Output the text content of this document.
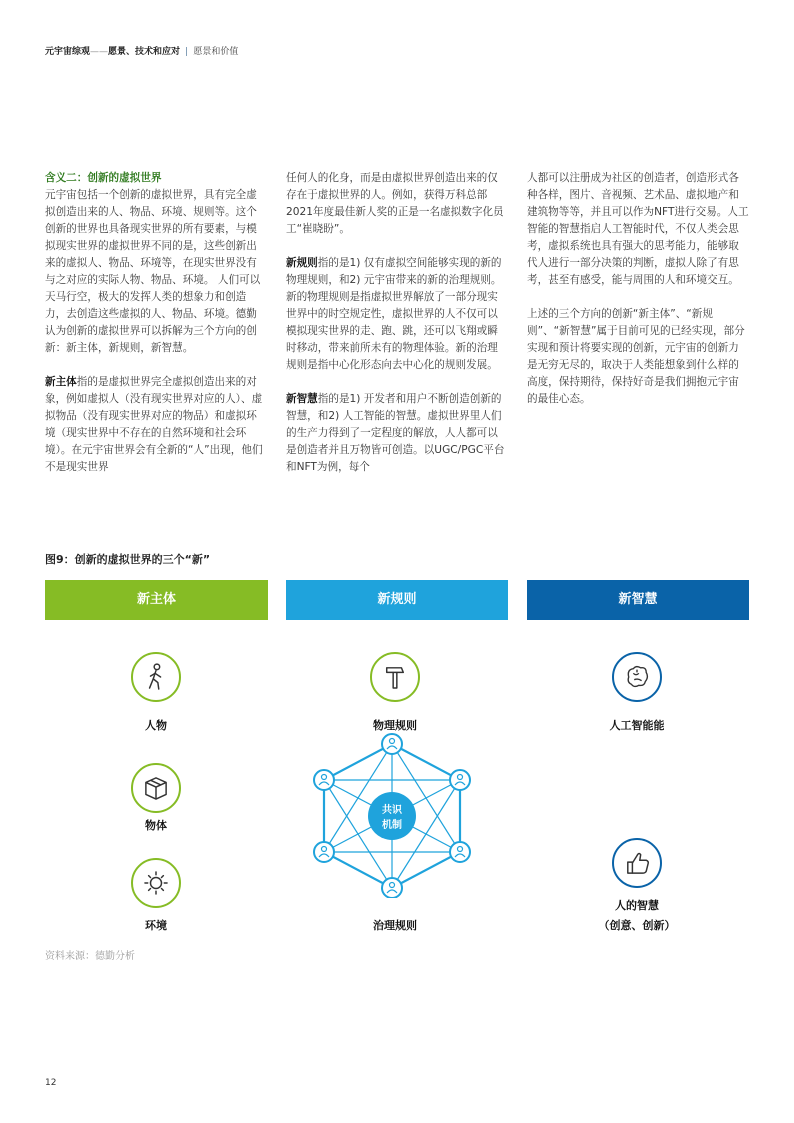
元宇宙综观——愿景、技术和应对 | 愿景和价值

含义二：创新的虚拟世界
元宇宙包括一个创新的虚拟世界，具有完全虚拟创造出来的人、物品、环境、规则等。这个创新的世界也具备现实世界的所有要素，与模拟现实世界的虚拟世界不同的是，这些创新出来的虚拟人、物品、环境等，在现实世界没有与之对应的实际人物、物品、环境。 人们可以天马行空，极大的发挥人类的想象力和创造力，去创造这些虚拟的人、物品、环境。德勤认为创新的虚拟世界可以拆解为三个方向的创新：新主体，新规则，新智慧。

新主体指的是虚拟世界完全虚拟创造出来的对象，例如虚拟人（没有现实世界对应的人）、虚拟物品（没有现实世界对应的物品）和虚拟环境（现实世界中不存在的自然环境和社会环境）。在元宇宙世界会有全新的“人”出现，他们不是现实世界

任何人的化身，而是由虚拟世界创造出来的仅存在于虚拟世界的人。例如，获得万科总部2021年度最佳新人奖的正是一名虚拟数字化员工“崔晓盼”。

新规则指的是1) 仅有虚拟空间能够实现的新的物理规则，和2) 元宇宙带来的新的治理规则。新的物理规则是指虚拟世界解放了一部分现实世界中的时空规定性，虚拟世界的人不仅可以模拟现实世界的走、跑、跳，还可以飞翔或瞬时移动，带来前所未有的物理体验。新的治理规则是指中心化形态向去中心化的规则发展。

新智慧指的是1) 开发者和用户不断创造创新的智慧，和2) 人工智能的智慧。虚拟世界里人们的生产力得到了一定程度的解放，人人都可以是创造者并且万物皆可创造。以UGC/PGC平台和NFT为例，每个

人都可以注册成为社区的创造者，创造形式各种各样，图片、音视频、艺术品、虚拟地产和建筑物等等，并且可以作为NFT进行交易。人工智能的智慧指启人工智能时代，不仅人类会思考，虚拟系统也具有强大的思考能力，能够取代人进行一部分决策的判断，虚拟人除了有思考，甚至有感受，能与周围的人和环境交互。

上述的三个方向的创新“新主体”、“新规则”、“新智慧”属于目前可见的已经实现，部分实现和预计将要实现的创新，元宇宙的创新力是无穷无尽的，取决于人类能想象到什么样的高度，保持期待，保持好奇是我们拥抱元宇宙的最佳心态。

图9：创新的虚拟世界的三个“新”
新主体	新规则	新智慧
人物
物体
环境
物理规则
共识
机制
治理规则
人工智能能
人的智慧
（创意、创新）
资料来源：德勤分析
12
